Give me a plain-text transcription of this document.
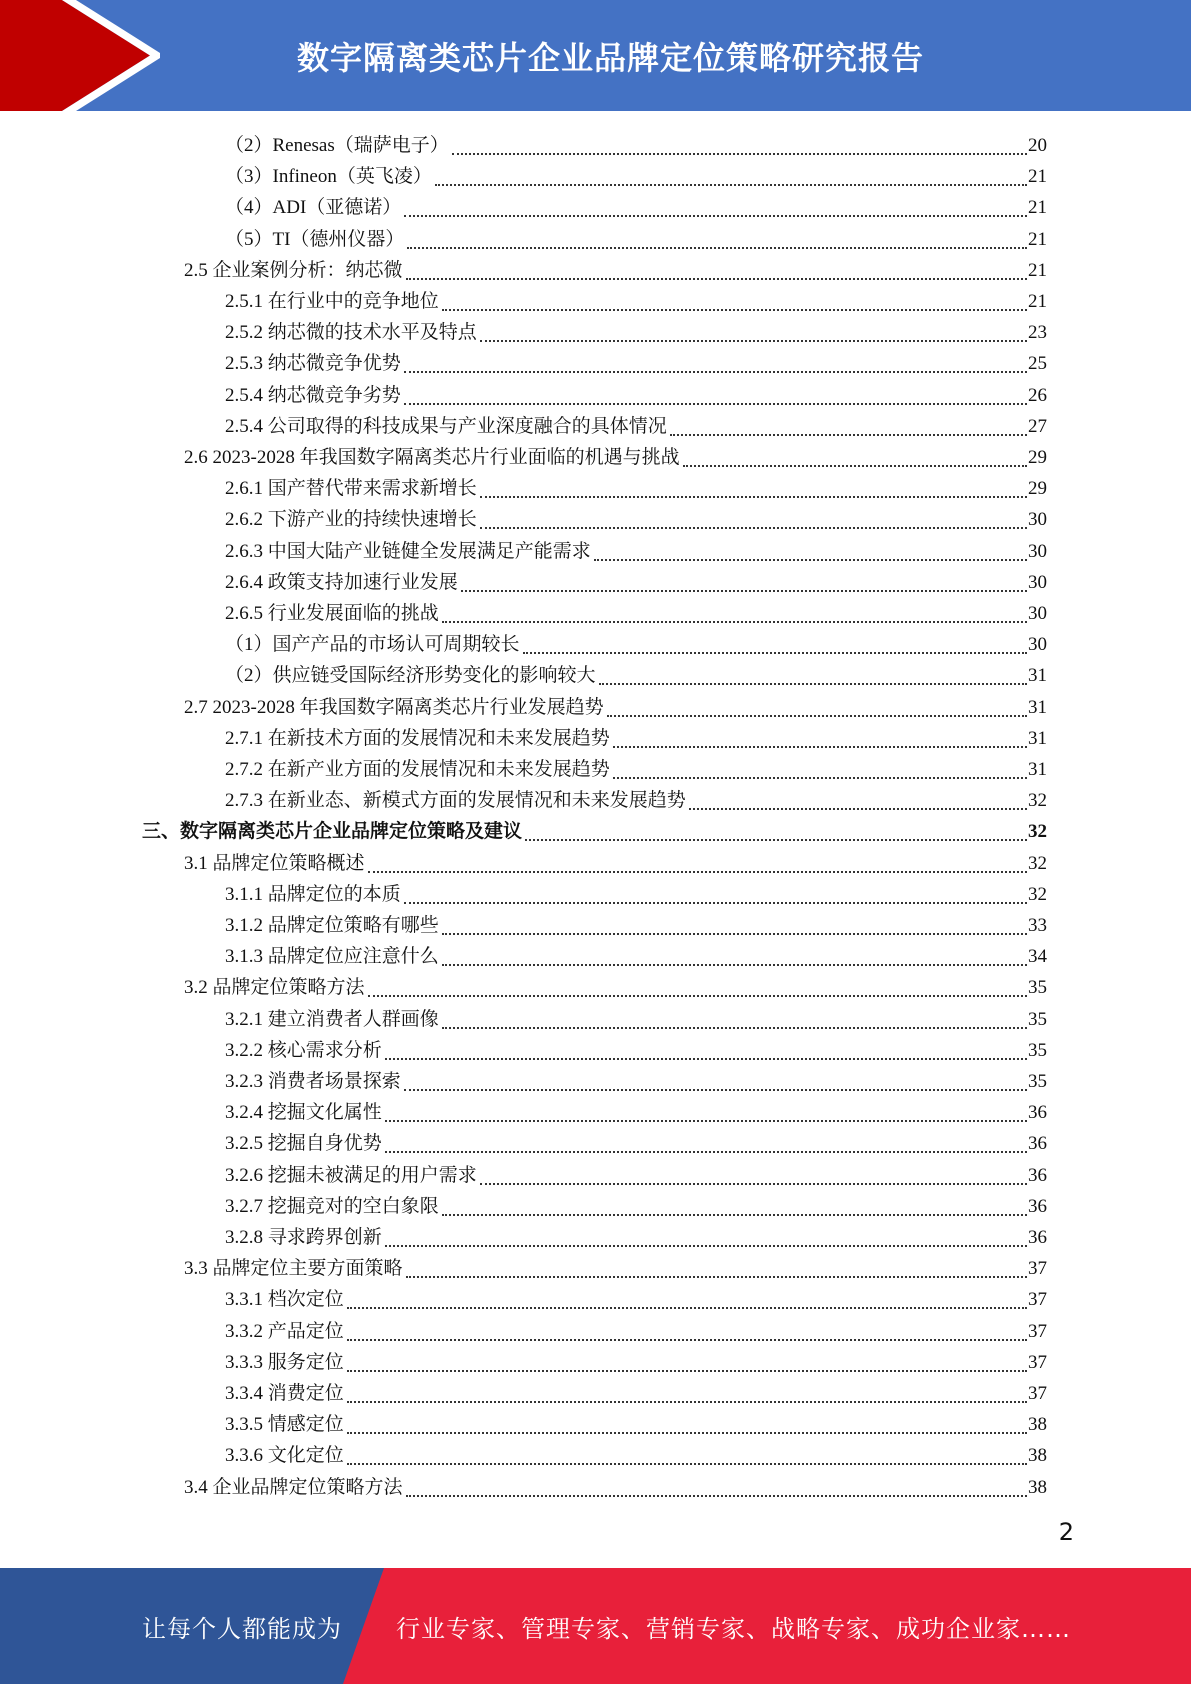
数字隔离类芯片企业品牌定位策略研究报告
（2）Renesas（瑞萨电子）	20
（3）Infineon（英飞凌）	21
（4）ADI（亚德诺）	21
（5）TI（德州仪器）	21
2.5 企业案例分析：纳芯微	21
2.5.1 在行业中的竞争地位	21
2.5.2 纳芯微的技术水平及特点	23
2.5.3 纳芯微竞争优势	25
2.5.4 纳芯微竞争劣势	26
2.5.4 公司取得的科技成果与产业深度融合的具体情况	27
2.6 2023-2028 年我国数字隔离类芯片行业面临的机遇与挑战	29
2.6.1 国产替代带来需求新增长	29
2.6.2 下游产业的持续快速增长	30
2.6.3 中国大陆产业链健全发展满足产能需求	30
2.6.4 政策支持加速行业发展	30
2.6.5 行业发展面临的挑战	30
（1）国产产品的市场认可周期较长	30
（2）供应链受国际经济形势变化的影响较大	31
2.7 2023-2028 年我国数字隔离类芯片行业发展趋势	31
2.7.1 在新技术方面的发展情况和未来发展趋势	31
2.7.2 在新产业方面的发展情况和未来发展趋势	31
2.7.3 在新业态、新模式方面的发展情况和未来发展趋势	32
三、数字隔离类芯片企业品牌定位策略及建议	32
3.1 品牌定位策略概述	32
3.1.1 品牌定位的本质	32
3.1.2 品牌定位策略有哪些	33
3.1.3 品牌定位应注意什么	34
3.2 品牌定位策略方法	35
3.2.1 建立消费者人群画像	35
3.2.2 核心需求分析	35
3.2.3 消费者场景探索	35
3.2.4 挖掘文化属性	36
3.2.5 挖掘自身优势	36
3.2.6 挖掘未被满足的用户需求	36
3.2.7 挖掘竞对的空白象限	36
3.2.8 寻求跨界创新	36
3.3 品牌定位主要方面策略	37
3.3.1 档次定位	37
3.3.2 产品定位	37
3.3.3 服务定位	37
3.3.4 消费定位	37
3.3.5 情感定位	38
3.3.6 文化定位	38
3.4 企业品牌定位策略方法	38
2
让每个人都能成为 行业专家、管理专家、营销专家、战略专家、成功企业家……
